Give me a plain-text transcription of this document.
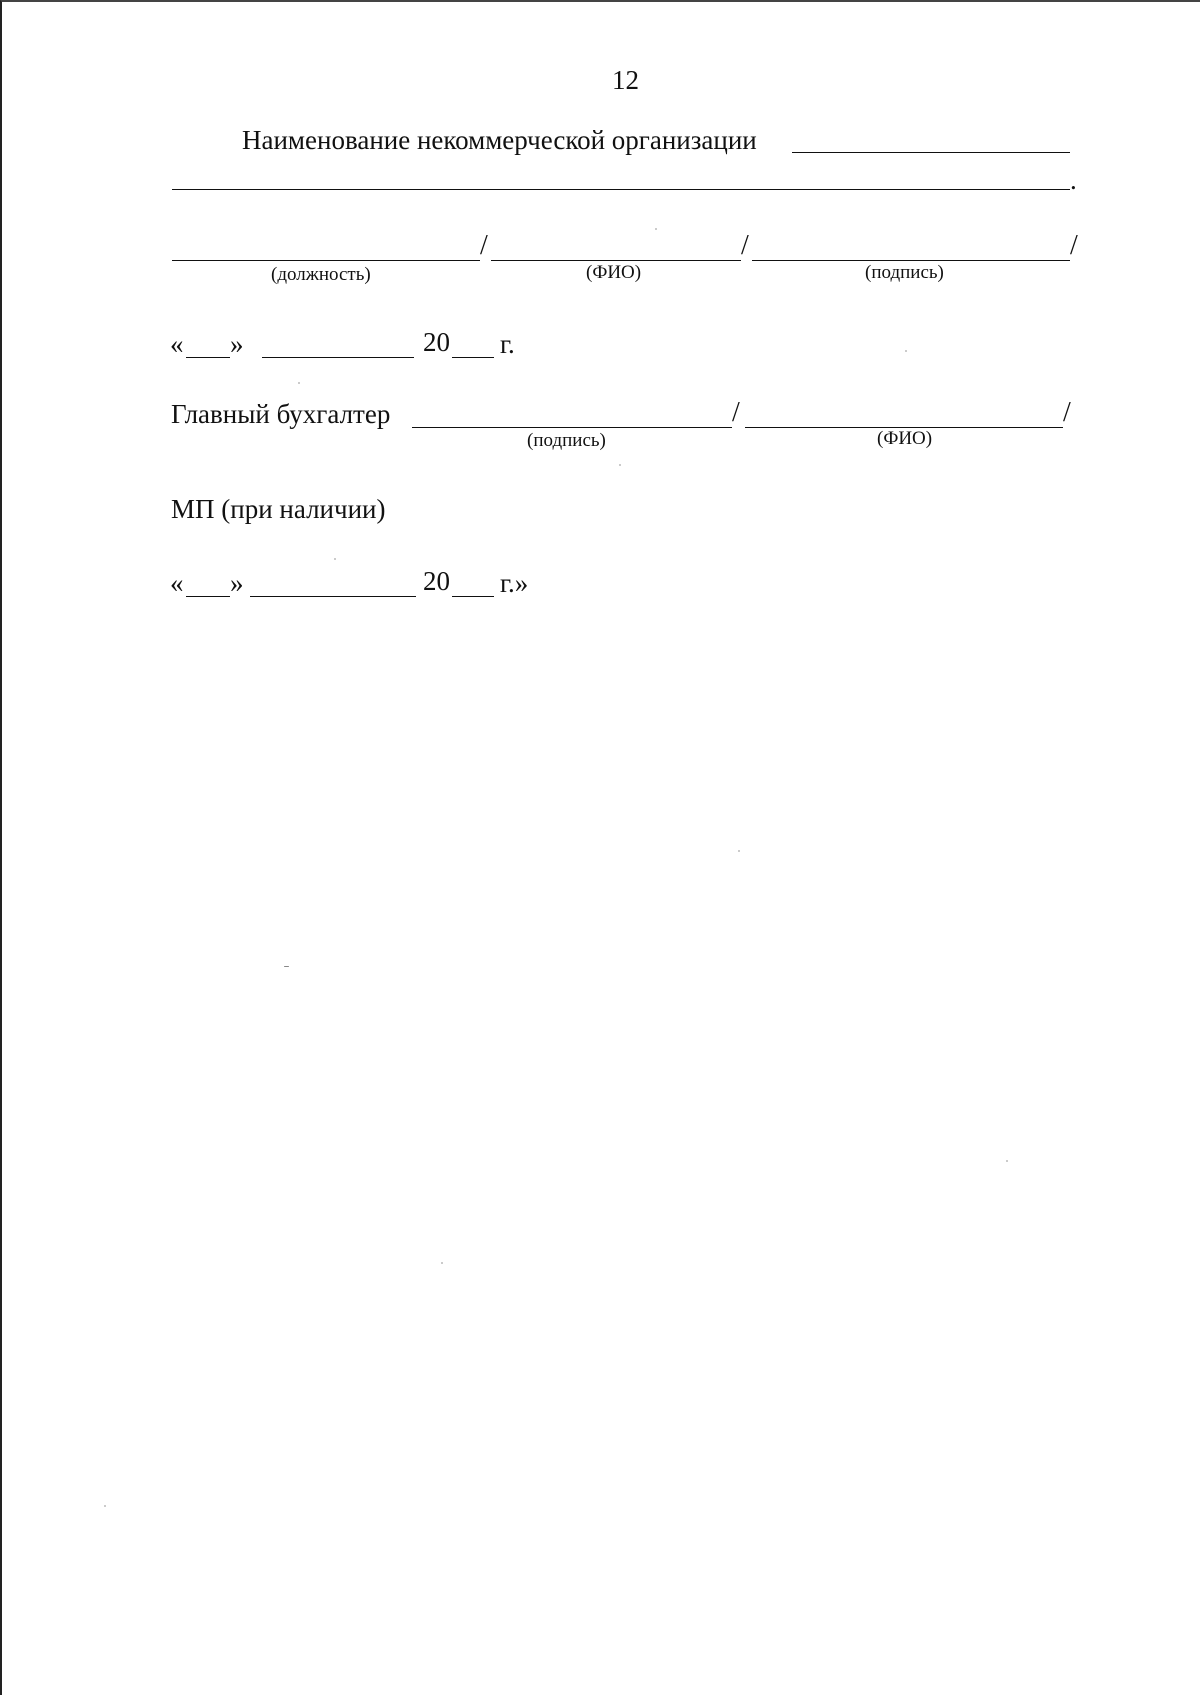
12
Наименование некоммерческой организации
.
/	/	/
(должность)	(ФИО)	(подпись)
« »	20 г.
Главный бухгалтер	/	/
(подпись)	(ФИО)
МП (при наличии)
« »	20 г.»
